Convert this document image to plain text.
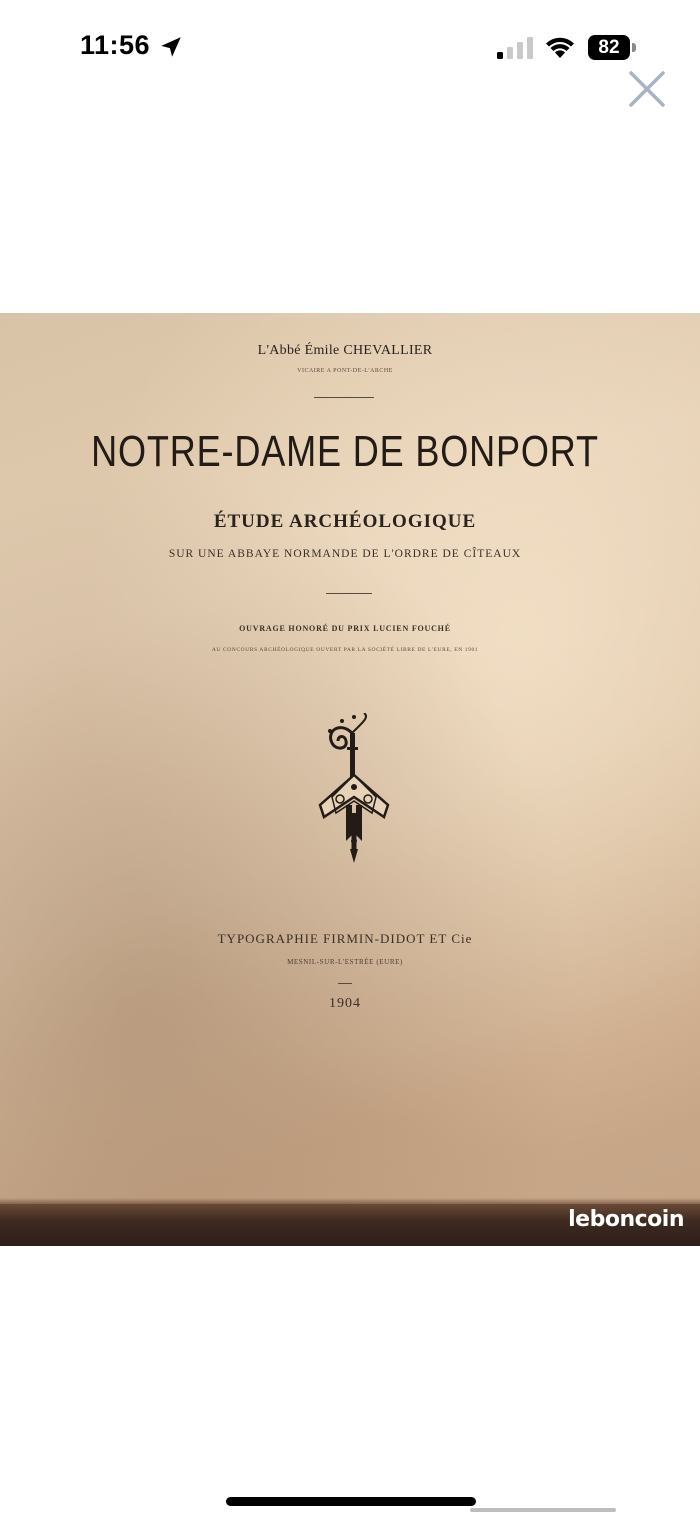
11:56	82
L'Abbé Émile CHEVALLIER
VICAIRE A PONT-DE-L'ARCHE
NOTRE-DAME DE BONPORT
ÉTUDE ARCHÉOLOGIQUE
SUR UNE ABBAYE NORMANDE DE L'ORDRE DE CÎTEAUX
OUVRAGE HONORÉ DU PRIX LUCIEN FOUCHÉ
AU CONCOURS ARCHÉOLOGIQUE OUVERT PAR LA SOCIÉTÉ LIBRE DE L'EURE, EN 1901
TYPOGRAPHIE FIRMIN-DIDOT ET Cie
MESNIL-SUR-L'ESTRÉE (EURE)
1904
leboncoin
